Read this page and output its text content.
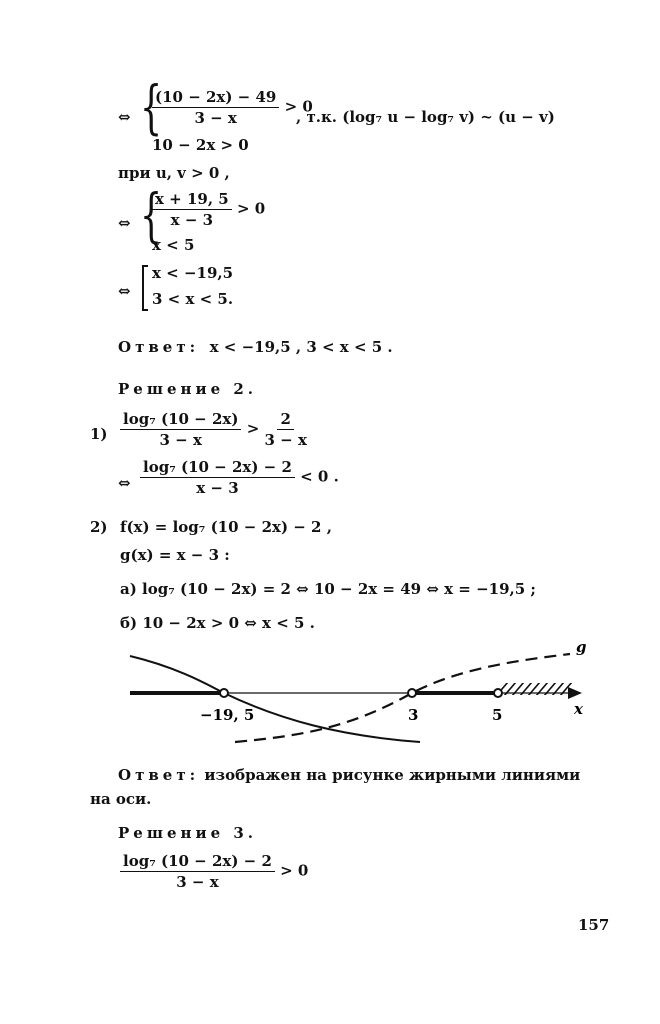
⇔ {
$\frac{(10 - 2x) - 49}{3 - x} > 0$
10 − 2x > 0
, т.к. (log₇ u − log₇ v) ~ (u − v)
при u, v > 0 ,
⇔ {
$\frac{x + 19, 5}{x - 3} > 0$
x < 5
⇔
x < −19,5
3 < x < 5.
Ответ: x < −19,5 , 3 < x < 5 .
Решение 2.
$1) \frac{\text{log₇ (10 − 2x)}}{3 - x} > \frac{2}{3 - x}$
⇔ $\frac{\text{log₇ (10 − 2x) − 2}}{x - 3} < 0$ .
2) f(x) = log₇ (10 − 2x) − 2 ,
g(x) = x − 3 :
а) log₇ (10 − 2x) = 2 ⇔ 10 − 2x = 49 ⇔ x = −19,5 ;
б) 10 − 2x > 0 ⇔ x < 5 .
−19, 5	3	5
g
x
Ответ: изображен на рисунке жирными линиями
на оси.
Решение 3.
$\frac{\text{log₇ (10 − 2x) − 2}}{3 - x} > 0$
157
